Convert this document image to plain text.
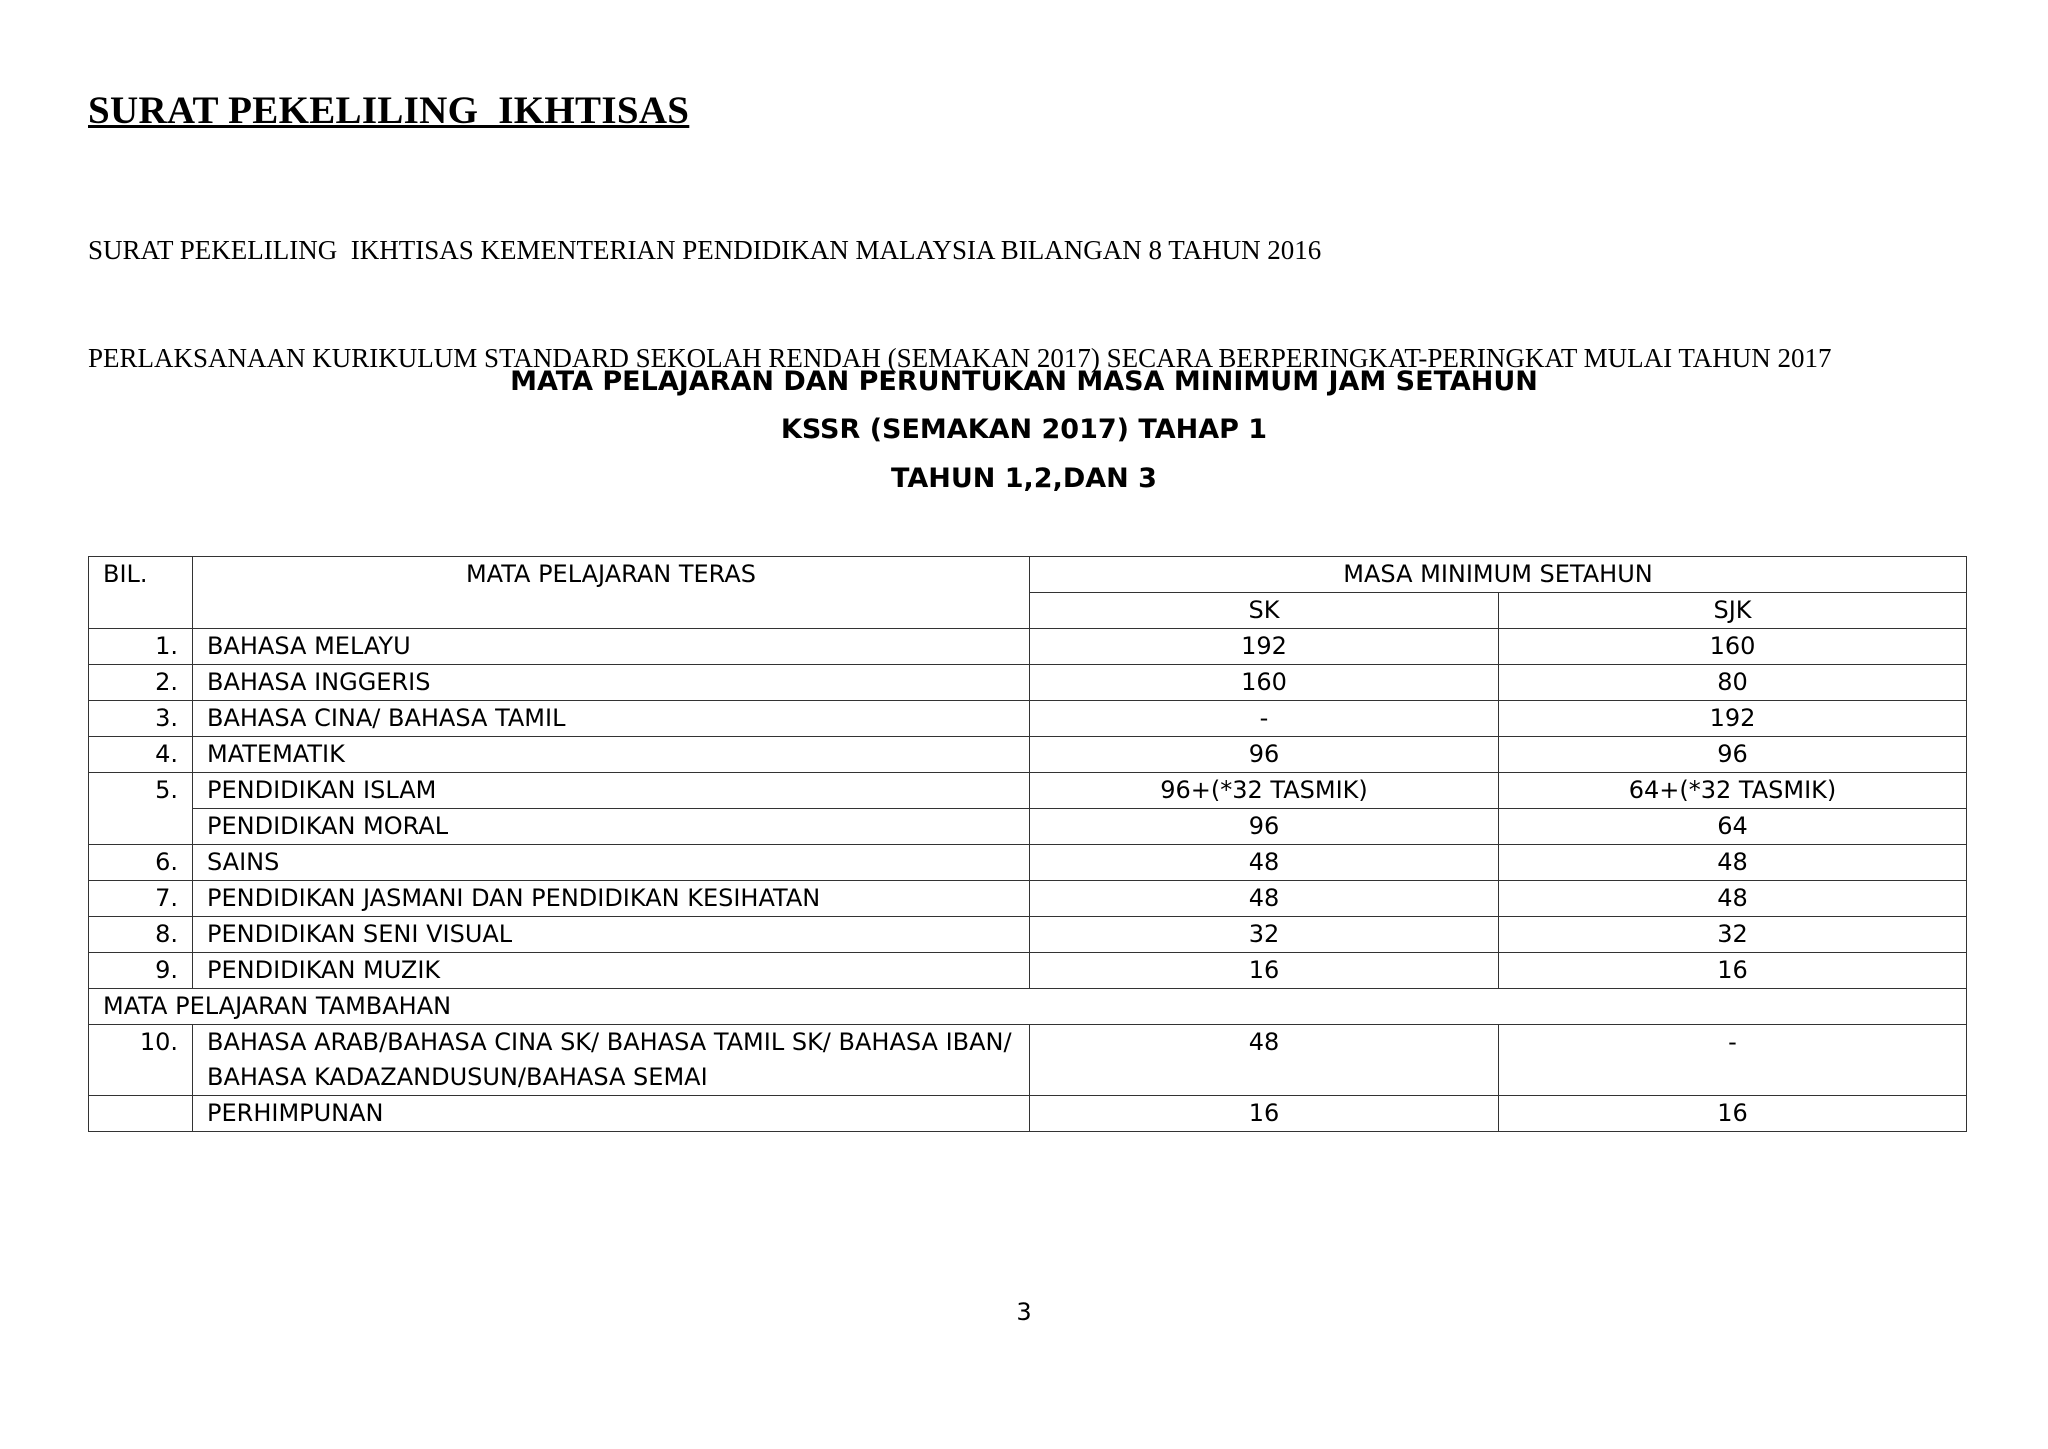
SURAT PEKELILING  IKHTISAS

SURAT PEKELILING  IKHTISAS KEMENTERIAN PENDIDIKAN MALAYSIA BILANGAN 8 TAHUN 2016

PERLAKSANAAN KURIKULUM STANDARD SEKOLAH RENDAH (SEMAKAN 2017) SECARA BERPERINGKAT-PERINGKAT MULAI TAHUN 2017

MATA PELAJARAN DAN PERUNTUKAN MASA MINIMUM JAM SETAHUN
KSSR (SEMAKAN 2017) TAHAP 1
TAHUN 1,2,DAN 3
BIL.	MATA PELAJARAN TERAS	MASA MINIMUM SETAHUN	
		SK	SJK
1.	BAHASA MELAYU	192	160
2.	BAHASA INGGERIS	160	80
3.	BAHASA CINA/ BAHASA TAMIL	-	192
4.	MATEMATIK	96	96
5.	PENDIDIKAN ISLAM	96+(*32 TASMIK)	64+(*32 TASMIK)
	PENDIDIKAN MORAL	96	64
6.	SAINS	48	48
7.	PENDIDIKAN JASMANI DAN PENDIDIKAN KESIHATAN	48	48
8.	PENDIDIKAN SENI VISUAL	32	32
9.	PENDIDIKAN MUZIK	16	16
MATA PELAJARAN TAMBAHAN			
10.	BAHASA ARAB/BAHASA CINA SK/ BAHASA TAMIL SK/ BAHASA IBAN/ BAHASA KADAZANDUSUN/BAHASA SEMAI	48	-
	PERHIMPUNAN	16	16
3
